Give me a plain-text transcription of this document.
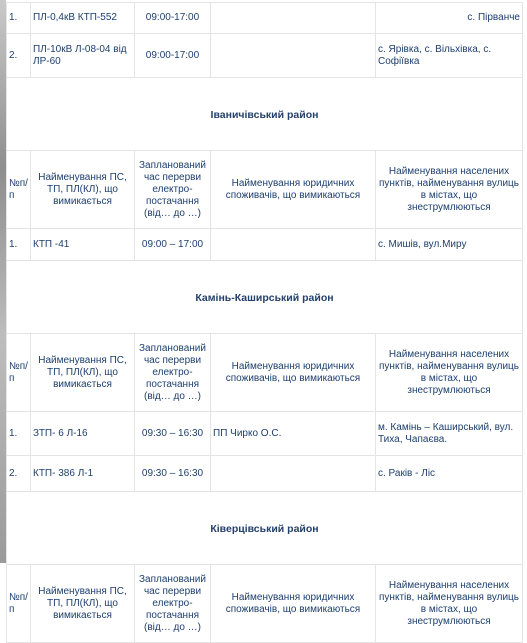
1.	ПЛ-0,4кВ КТП-552	09:00-17:00		с. Пірванче
2.	ПЛ-10кВ Л-08-04 від ЛР-60	09:00-17:00		с. Ярівка, с. Вільхівка, с. Софіївка
Іваничівський район				
№п/п	Найменування ПС, ТП, ПЛ(КЛ), що вимикається	Запланований час перерви електро-постачання (від… до …)	Найменування юридичних споживачів, що вимикаються	Найменування населених пунктів, найменування вулиць в містах, що знеструмлюються
1.	КТП -41	09:00 – 17:00		с. Мишів, вул.Миру
Камінь-Каширський район				
№п/п	Найменування ПС, ТП, ПЛ(КЛ), що вимикається	Запланований час перерви електро-постачання (від… до …)	Найменування юридичних споживачів, що вимикаються	Найменування населених пунктів, найменування вулиць в містах, що знеструмлюються
1.	ЗТП- 6 Л-16	09:30 – 16:30	ПП Чирко О.С.	м. Камінь – Каширський, вул. Тиха, Чапаєва.
2.	КТП- 386 Л-1	09:30 – 16:30		с. Раків - Ліс
Ківерцівський район				
№п/п	Найменування ПС, ТП, ПЛ(КЛ), що вимикається	Запланований час перерви електро-постачання (від… до …)	Найменування юридичних споживачів, що вимикаються	Найменування населених пунктів, найменування вулиць в містах, що знеструмлюються
